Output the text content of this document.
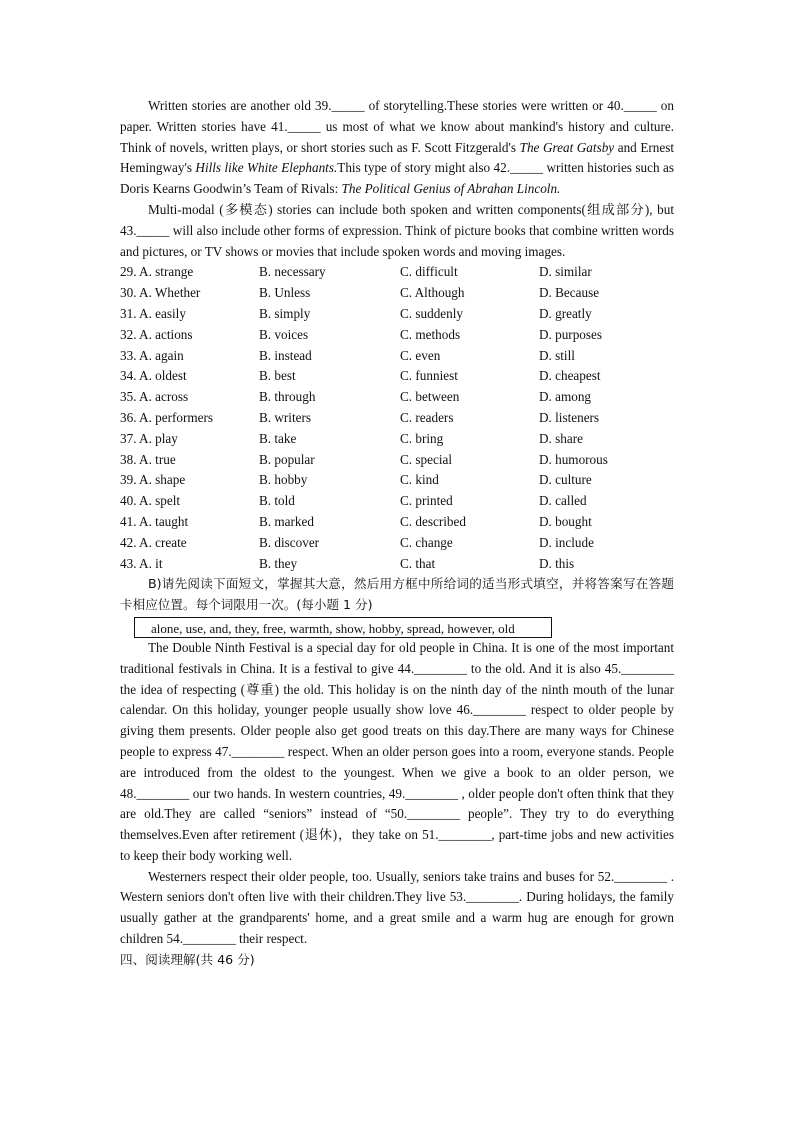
Written stories are another old 39._____ of storytelling.These stories were written or 40._____ on paper. Written stories have 41._____ us most of what we know about mankind's history and culture. Think of novels, written plays, or short stories such as F. Scott Fitzgerald's The Great Gatsby and Ernest Hemingway's Hills like White Elephants.This type of story might also 42._____ written histories such as Doris Kearns Goodwin’s Team of Rivals: The Political Genius of Abrahan Lincoln.

Multi-modal (多模态) stories can include both spoken and written components(组成部分), but 43._____ will also include other forms of expression. Think of picture books that combine written words and pictures, or TV shows or movies that include spoken words and moving images.

29. A. strange	B. necessary	C. difficult	D. similar
30. A. Whether	B. Unless	C. Although	D. Because
31. A. easily	B. simply	C. suddenly	D. greatly
32. A. actions	B. voices	C. methods	D. purposes
33. A. again	B. instead	C. even	D. still
34. A. oldest	B. best	C. funniest	D. cheapest
35. A. across	B. through	C. between	D. among
36. A. performers	B. writers	C. readers	D. listeners
37. A. play	B. take	C. bring	D. share
38. A. true	B. popular	C. special	D. humorous
39. A. shape	B. hobby	C. kind	D. culture
40. A. spelt	B. told	C. printed	D. called
41. A. taught	B. marked	C. described	D. bought
42. A. create	B. discover	C. change	D. include
43. A. it	B. they	C. that	D. this

B)请先阅读下面短文，掌握其大意，然后用方框中所给词的适当形式填空，并将答案写在答题卡相应位置。每个词限用一次。(每小题 1 分)

alone, use, and, they, free, warmth, show, hobby, spread, however, old

The Double Ninth Festival is a special day for old people in China. It is one of the most important traditional festivals in China. It is a festival to give 44.________ to the old. And it is also 45.________ the idea of respecting (尊重) the old. This holiday is on the ninth day of the ninth mouth of the lunar calendar. On this holiday, younger people usually show love 46.________ respect to older people by giving them presents. Older people also get good treats on this day.There are many ways for Chinese people to express 47.________ respect. When an older person goes into a room, everyone stands. People are introduced from the oldest to the youngest. When we give a book to an older person, we 48.________ our two hands. In western countries, 49.________ , older people don't often think that they are old.They are called “seniors” instead of “50.________ people”. They try to do everything themselves.Even after retirement (退休)，they take on 51.________, part-time jobs and new activities to keep their body working well.

Westerners respect their older people, too. Usually, seniors take trains and buses for 52.________ . Western seniors don't often live with their children.They live 53.________. During holidays, the family usually gather at the grandparents' home, and a great smile and a warm hug are enough for grown children 54.________ their respect.

四、阅读理解(共 46 分)
